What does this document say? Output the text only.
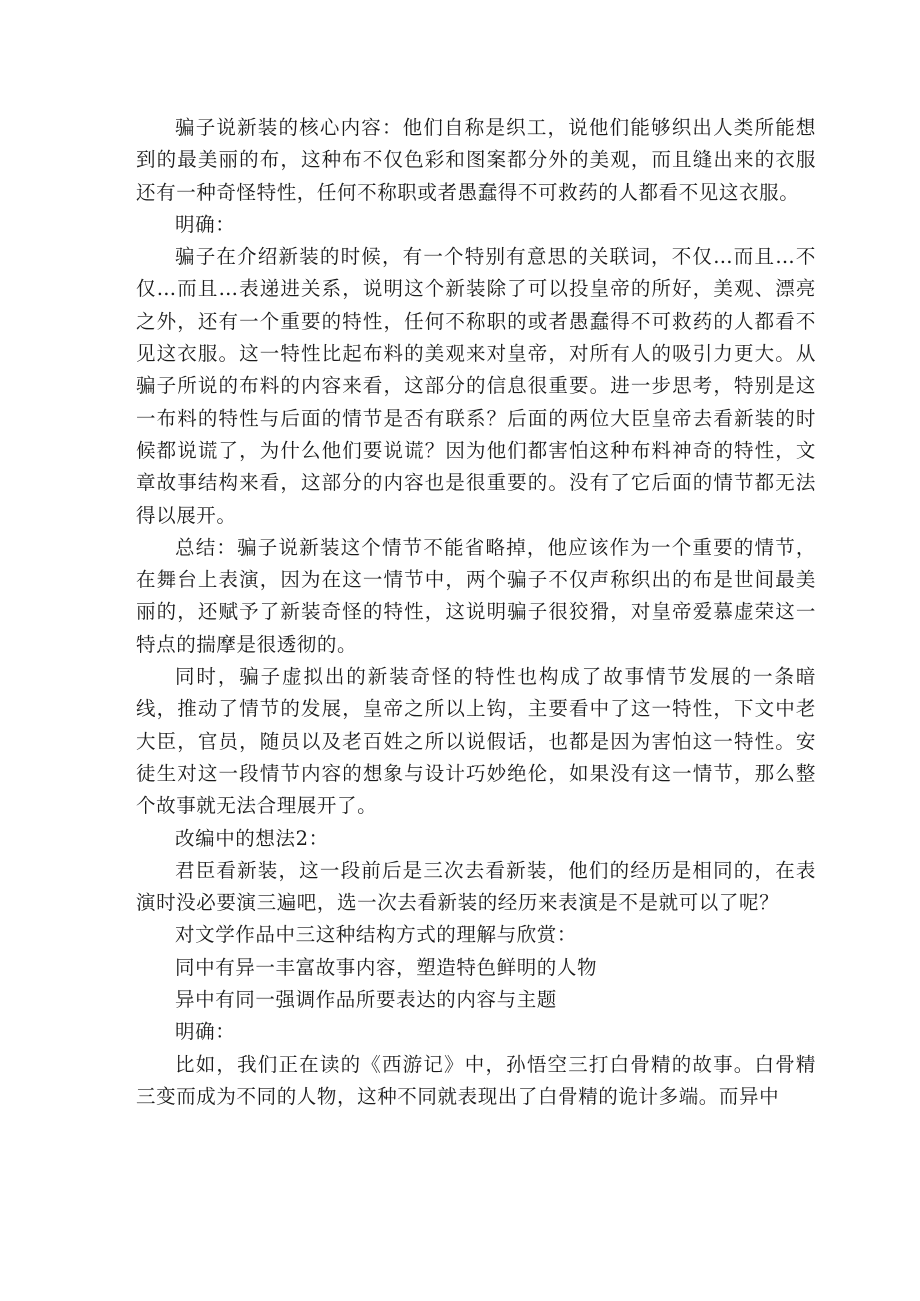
骗子说新装的核心内容：他们自称是织工，说他们能够织出人类所能想到的最美丽的布，这种布不仅色彩和图案都分外的美观，而且缝出来的衣服还有一种奇怪特性，任何不称职或者愚蠢得不可救药的人都看不见这衣服。

明确：

骗子在介绍新装的时候，有一个特别有意思的关联词，不仅…而且…不仅…而且…表递进关系，说明这个新装除了可以投皇帝的所好，美观、漂亮之外，还有一个重要的特性，任何不称职的或者愚蠢得不可救药的人都看不见这衣服。这一特性比起布料的美观来对皇帝，对所有人的吸引力更大。从骗子所说的布料的内容来看，这部分的信息很重要。进一步思考，特别是这一布料的特性与后面的情节是否有联系？后面的两位大臣皇帝去看新装的时候都说谎了，为什么他们要说谎？因为他们都害怕这种布料神奇的特性，文章故事结构来看，这部分的内容也是很重要的。没有了它后面的情节都无法得以展开。

总结：骗子说新装这个情节不能省略掉，他应该作为一个重要的情节，在舞台上表演，因为在这一情节中，两个骗子不仅声称织出的布是世间最美丽的，还赋予了新装奇怪的特性，这说明骗子很狡猾，对皇帝爱慕虚荣这一特点的揣摩是很透彻的。

同时，骗子虚拟出的新装奇怪的特性也构成了故事情节发展的一条暗线，推动了情节的发展，皇帝之所以上钩，主要看中了这一特性，下文中老大臣，官员，随员以及老百姓之所以说假话，也都是因为害怕这一特性。安徒生对这一段情节内容的想象与设计巧妙绝伦，如果没有这一情节，那么整个故事就无法合理展开了。

改编中的想法2：

君臣看新装，这一段前后是三次去看新装，他们的经历是相同的，在表演时没必要演三遍吧，选一次去看新装的经历来表演是不是就可以了呢？

对文学作品中三这种结构方式的理解与欣赏：

同中有异一丰富故事内容，塑造特色鲜明的人物

异中有同一强调作品所要表达的内容与主题

明确：

比如，我们正在读的《西游记》中，孙悟空三打白骨精的故事。白骨精三变而成为不同的人物，这种不同就表现出了白骨精的诡计多端。而异中
